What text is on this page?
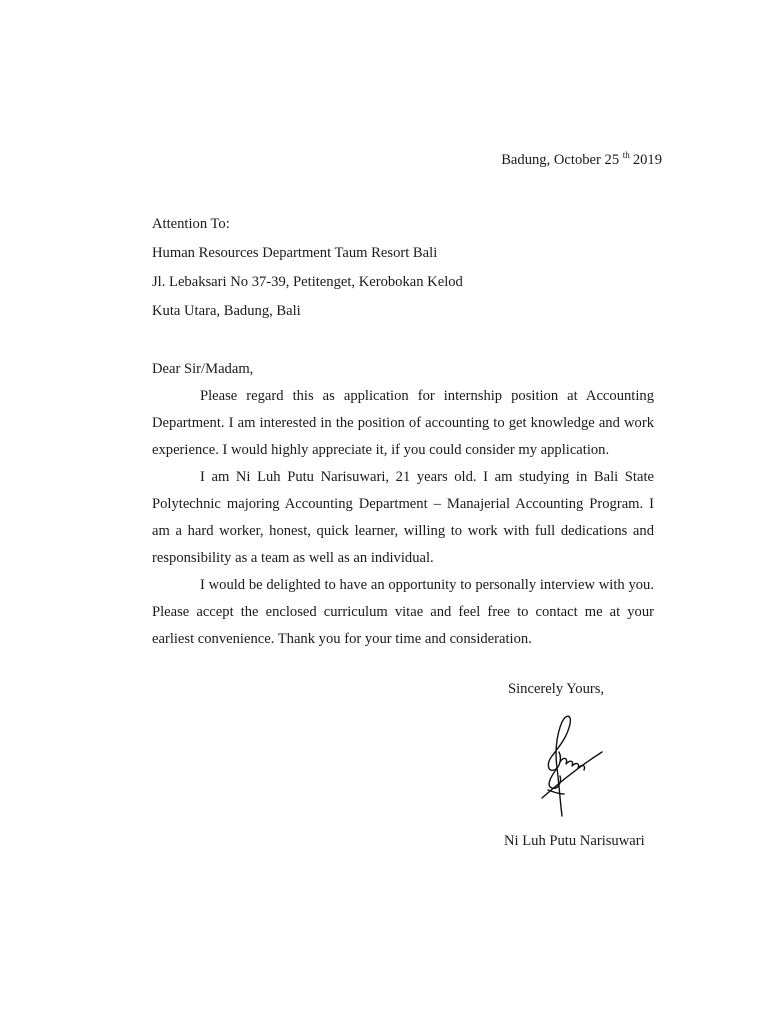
Badung, October 25 $^{th}$ 2019
Attention To:
Human Resources Department Taum Resort Bali
Jl. Lebaksari No 37-39, Petitenget, Kerobokan Kelod
Kuta Utara, Badung, Bali
Dear Sir/Madam,

Please regard this as application for internship position at Accounting Department. I am interested in the position of accounting to get knowledge and work experience. I would highly appreciate it, if you could consider my application.

I am Ni Luh Putu Narisuwari, 21 years old. I am studying in Bali State Polytechnic majoring Accounting Department – Manajerial Accounting Program. I am a hard worker, honest, quick learner, willing to work with full dedications and responsibility as a team as well as an individual.

I would be delighted to have an opportunity to personally interview with you. Please accept the enclosed curriculum vitae and feel free to contact me at your earliest convenience. Thank you for your time and consideration.

Sincerely Yours,
Ni Luh Putu Narisuwari
